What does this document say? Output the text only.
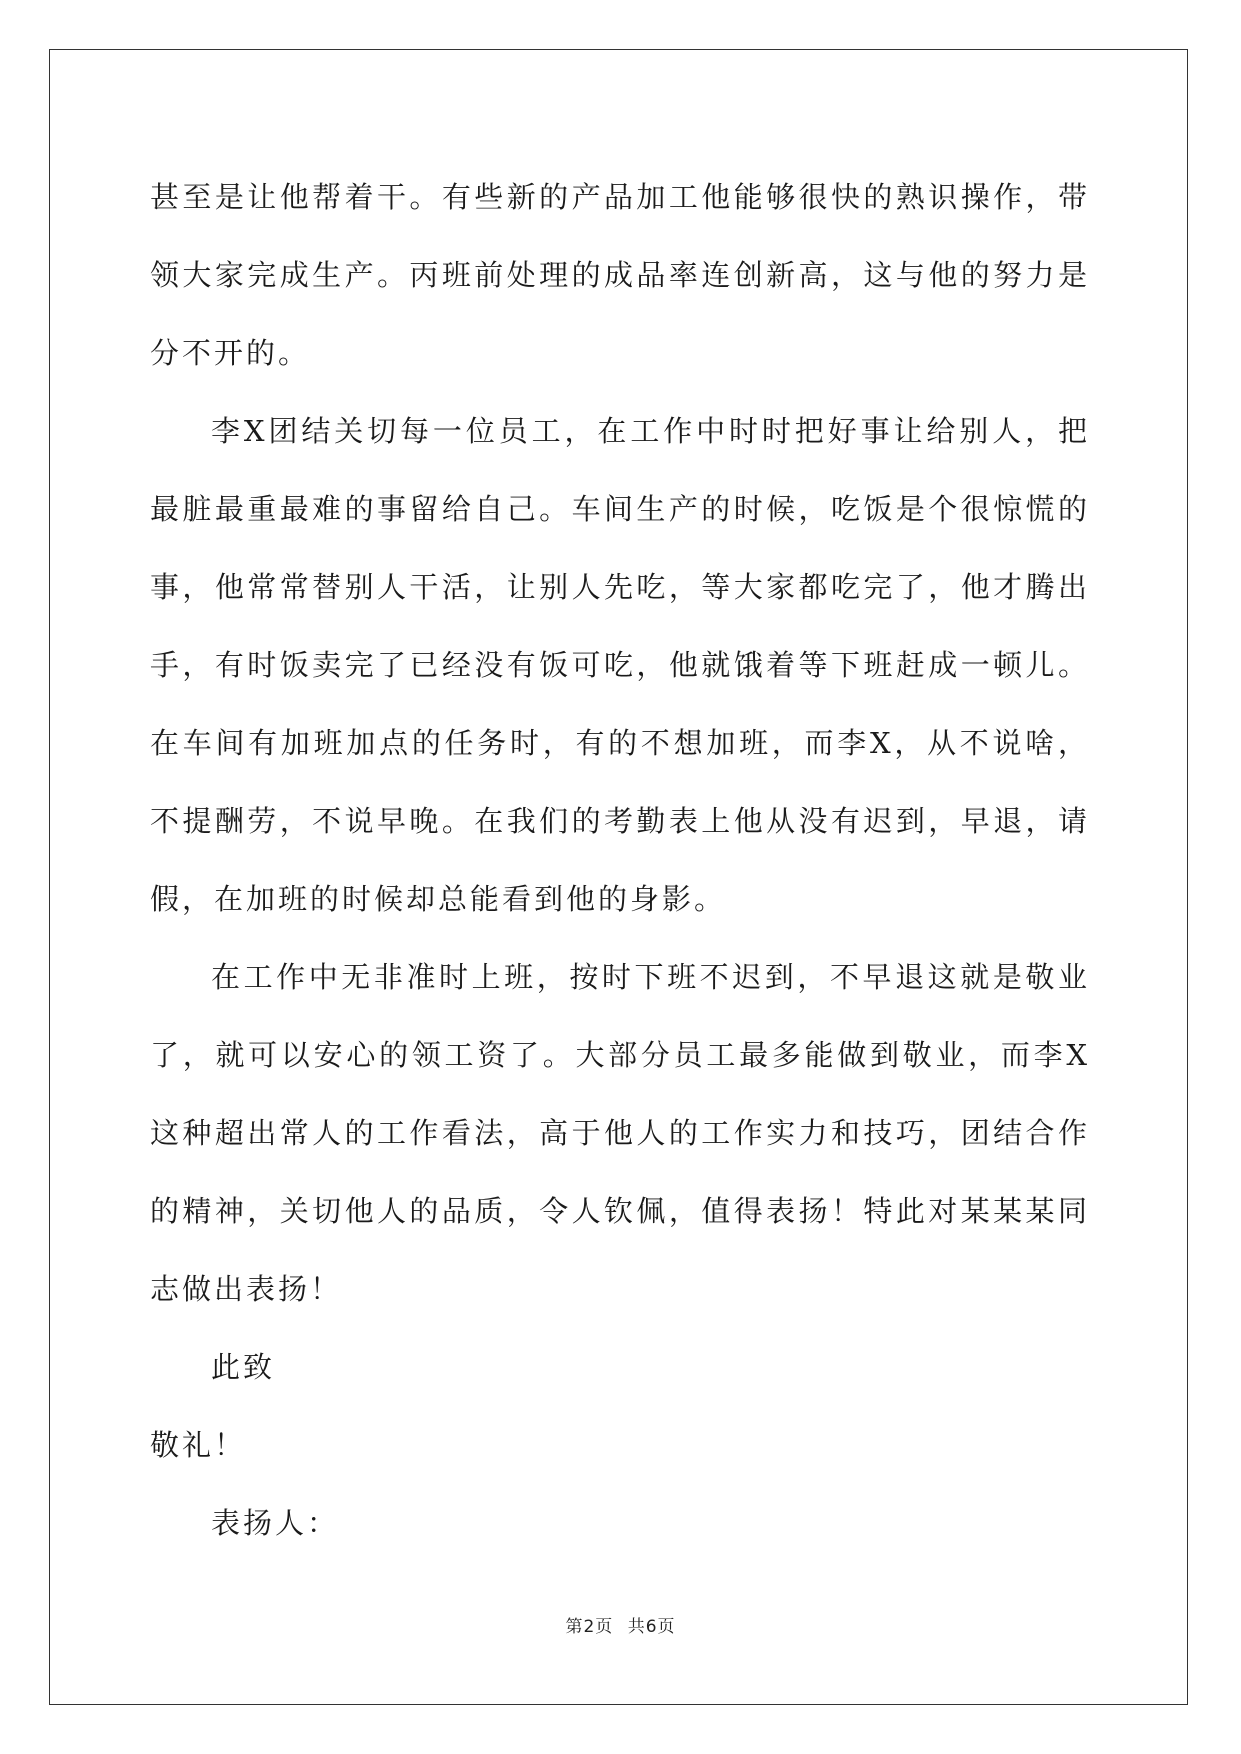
甚至是让他帮着干。有些新的产品加工他能够很快的熟识操作，带领大家完成生产。丙班前处理的成品率连创新高，这与他的努力是分不开的。

李X团结关切每一位员工，在工作中时时把好事让给别人，把最脏最重最难的事留给自己。车间生产的时候，吃饭是个很惊慌的事，他常常替别人干活，让别人先吃，等大家都吃完了，他才腾出手，有时饭卖完了已经没有饭可吃，他就饿着等下班赶成一顿儿。在车间有加班加点的任务时，有的不想加班，而李X，从不说啥，不提酬劳，不说早晚。在我们的考勤表上他从没有迟到，早退，请假，在加班的时候却总能看到他的身影。

在工作中无非准时上班，按时下班不迟到，不早退这就是敬业了，就可以安心的领工资了。大部分员工最多能做到敬业，而李X这种超出常人的工作看法，高于他人的工作实力和技巧，团结合作的精神，关切他人的品质，令人钦佩，值得表扬！特此对某某某同志做出表扬！

此致

敬礼！

表扬人：

第2页 共6页
